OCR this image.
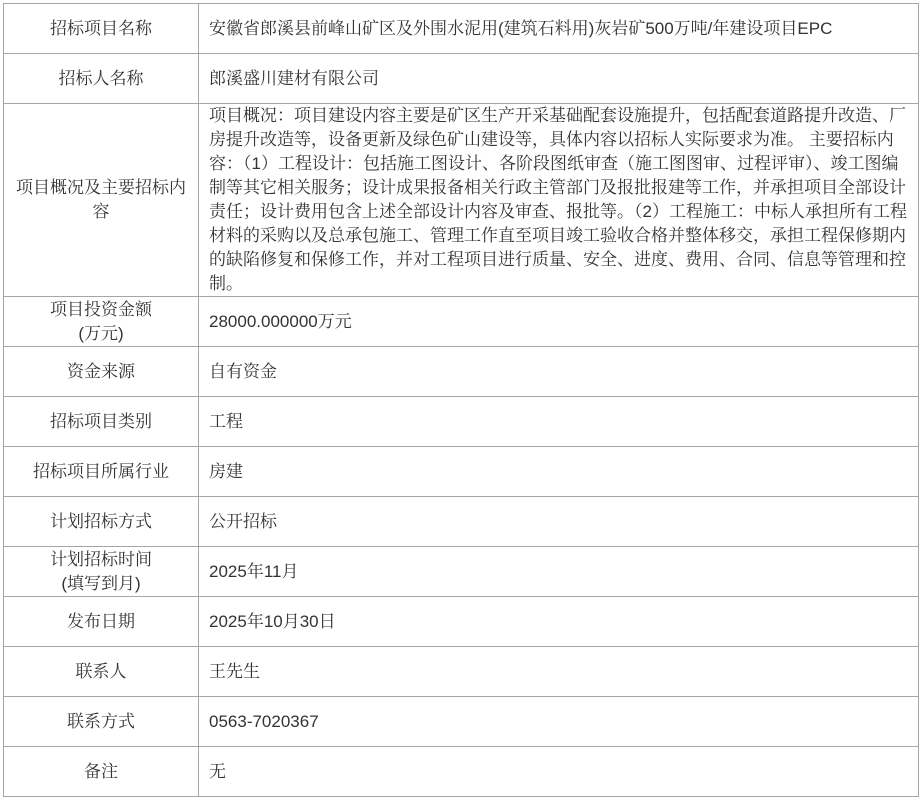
招标项目名称	安徽省郎溪县前峰山矿区及外围水泥用(建筑石料用)灰岩矿500万吨/年建设项目EPC
招标人名称	郎溪盛川建材有限公司
项目概况及主要招标内容	项目概况：项目建设内容主要是矿区生产开采基础配套设施提升，包括配套道路提升改造、厂房提升改造等，设备更新及绿色矿山建设等，具体内容以招标人实际要求为准。 主要招标内容：（1）工程设计：包括施工图设计、各阶段图纸审查（施工图图审、过程评审）、竣工图编制等其它相关服务；设计成果报备相关行政主管部门及报批报建等工作，并承担项目全部设计责任；设计费用包含上述全部设计内容及审查、报批等。（2）工程施工：中标人承担所有工程材料的采购以及总承包施工、管理工作直至项目竣工验收合格并整体移交，承担工程保修期内的缺陷修复和保修工作，并对工程项目进行质量、安全、进度、费用、合同、信息等管理和控制。
项目投资金额
(万元)	28000.000000万元
资金来源	自有资金
招标项目类别	工程
招标项目所属行业	房建
计划招标方式	公开招标
计划招标时间
(填写到月)	2025年11月
发布日期	2025年10月30日
联系人	王先生
联系方式	0563-7020367
备注	无
